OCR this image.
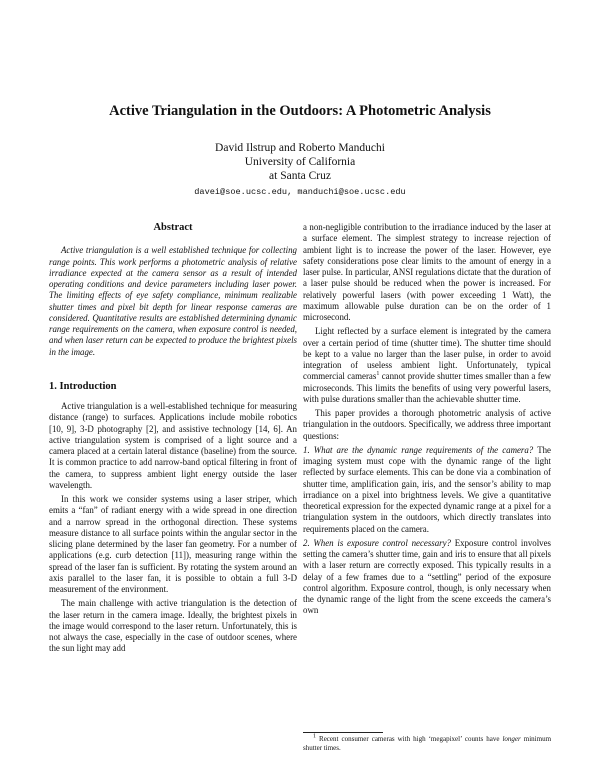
Active Triangulation in the Outdoors: A Photometric Analysis
David Ilstrup and Roberto Manduchi
University of California
at Santa Cruz
davei@soe.ucsc.edu, manduchi@soe.ucsc.edu
Abstract

Active triangulation is a well established technique for collecting range points. This work performs a photometric analysis of relative irradiance expected at the camera sensor as a result of intended operating conditions and device parameters including laser power. The limiting effects of eye safety compliance, minimum realizable shutter times and pixel bit depth for linear response cameras are considered. Quantitative results are established determining dynamic range requirements on the camera, when exposure control is needed, and when laser return can be expected to produce the brightest pixels in the image.

1. Introduction

Active triangulation is a well-established technique for measuring distance (range) to surfaces. Applications include mobile robotics [10, 9], 3-D photography [2], and assistive technology [14, 6]. An active triangulation system is comprised of a light source and a camera placed at a certain lateral distance (baseline) from the source. It is common practice to add narrow-band optical filtering in front of the camera, to suppress ambient light energy outside the laser wavelength.

In this work we consider systems using a laser striper, which emits a “fan” of radiant energy with a wide spread in one direction and a narrow spread in the orthogonal direction. These systems measure distance to all surface points within the angular sector in the slicing plane determined by the laser fan geometry. For a number of applications (e.g. curb detection [11]), measuring range within the spread of the laser fan is sufficient. By rotating the system around an axis parallel to the laser fan, it is possible to obtain a full 3-D measurement of the environment.

The main challenge with active triangulation is the detection of the laser return in the camera image. Ideally, the brightest pixels in the image would correspond to the laser return. Unfortunately, this is not always the case, especially in the case of outdoor scenes, where the sun light may add

a non-negligible contribution to the irradiance induced by the laser at a surface element. The simplest strategy to increase rejection of ambient light is to increase the power of the laser. However, eye safety considerations pose clear limits to the amount of energy in a laser pulse. In particular, ANSI regulations dictate that the duration of a laser pulse should be reduced when the power is increased. For relatively powerful lasers (with power exceeding 1 Watt), the maximum allowable pulse duration can be on the order of 1 microsecond.

Light reflected by a surface element is integrated by the camera over a certain period of time (shutter time). The shutter time should be kept to a value no larger than the laser pulse, in order to avoid integration of useless ambient light. Unfortunately, typical commercial cameras$^1$ cannot provide shutter times smaller than a few microseconds. This limits the benefits of using very powerful lasers, with pulse durations smaller than the achievable shutter time.

This paper provides a thorough photometric analysis of active triangulation in the outdoors. Specifically, we address three important questions:

1. What are the dynamic range requirements of the camera? The imaging system must cope with the dynamic range of the light reflected by surface elements. This can be done via a combination of shutter time, amplification gain, iris, and the sensor’s ability to map irradiance on a pixel into brightness levels. We give a quantitative theoretical expression for the expected dynamic range at a pixel for a triangulation system in the outdoors, which directly translates into requirements placed on the camera.

2. When is exposure control necessary? Exposure control involves setting the camera’s shutter time, gain and iris to ensure that all pixels with a laser return are correctly exposed. This typically results in a delay of a few frames due to a “settling” period of the exposure control algorithm. Exposure control, though, is only necessary when the dynamic range of the light from the scene exceeds the camera’s own

$^1$ Recent consumer cameras with high ‘megapixel’ counts have longer minimum shutter times.
